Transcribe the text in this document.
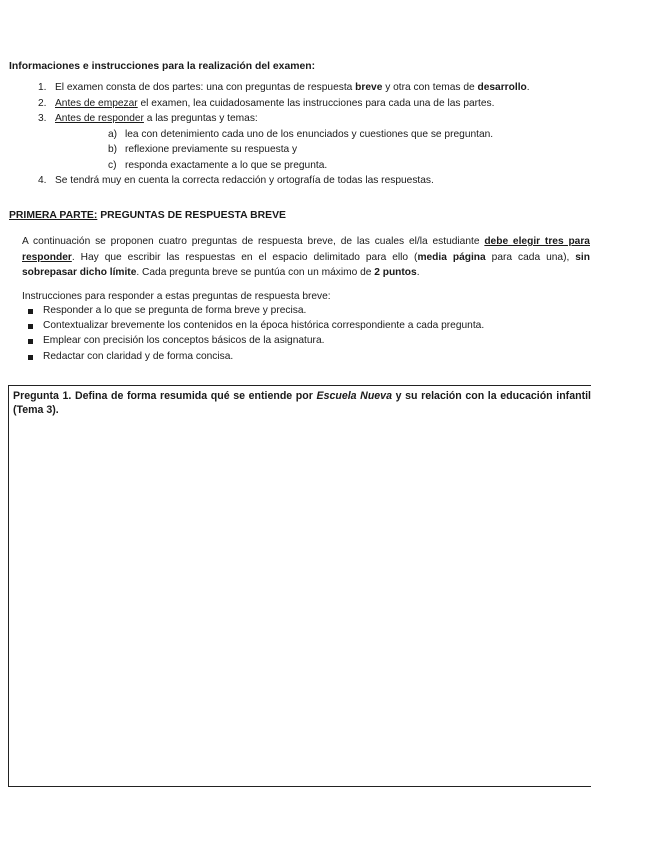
Informaciones e instrucciones para la realización del examen:
1. El examen consta de dos partes: una con preguntas de respuesta breve y otra con temas de desarrollo.
2. Antes de empezar el examen, lea cuidadosamente las instrucciones para cada una de las partes.
3. Antes de responder a las preguntas y temas:
a) lea con detenimiento cada uno de los enunciados y cuestiones que se preguntan.
b) reflexione previamente su respuesta y
c) responda exactamente a lo que se pregunta.
4. Se tendrá muy en cuenta la correcta redacción y ortografía de todas las respuestas.
PRIMERA PARTE: PREGUNTAS DE RESPUESTA BREVE
A continuación se proponen cuatro preguntas de respuesta breve, de las cuales el/la estudiante debe elegir tres para responder. Hay que escribir las respuestas en el espacio delimitado para ello (media página para cada una), sin sobrepasar dicho límite. Cada pregunta breve se puntúa con un máximo de 2 puntos.
Instrucciones para responder a estas preguntas de respuesta breve:
Responder a lo que se pregunta de forma breve y precisa.
Contextualizar brevemente los contenidos en la época histórica correspondiente a cada pregunta.
Emplear con precisión los conceptos básicos de la asignatura.
Redactar con claridad y de forma concisa.
Pregunta 1. Defina de forma resumida qué se entiende por Escuela Nueva y su relación con la educación infantil (Tema 3).
